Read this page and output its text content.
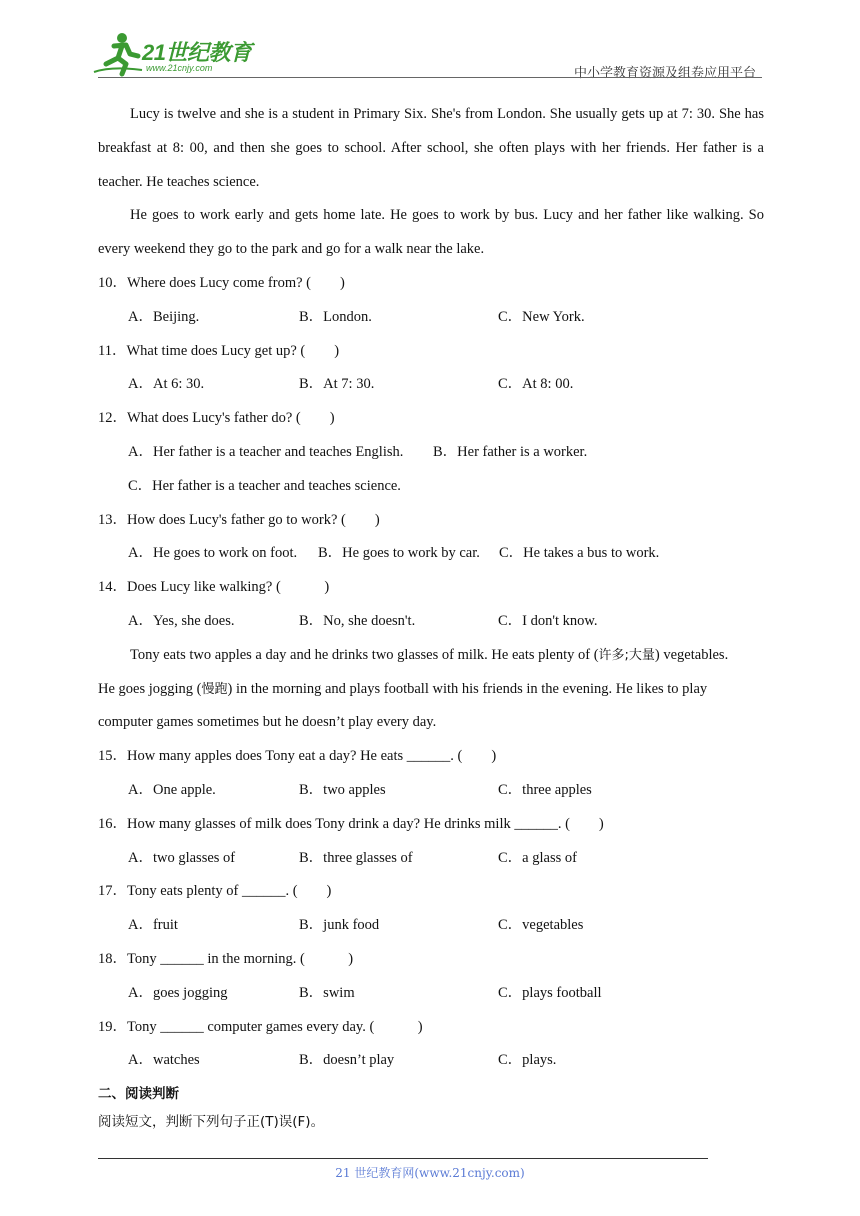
21世纪教育
www.21cnjy.com	中小学教育资源及组卷应用平台

Lucy is twelve and she is a student in Primary Six. She's from London. She usually gets up at 7: 30. She has breakfast at 8: 00, and then she goes to school. After school, she often plays with her friends. Her father is a teacher. He teaches science.

He goes to work early and gets home late. He goes to work by bus. Lucy and her father like walking. So every weekend they go to the park and go for a walk near the lake.

10．Where does Lucy come from? (　　)
A．Beijing.	B．London.	C．New York.
11．What time does Lucy get up? (　　)
A．At 6: 30.	B．At 7: 30.	C．At 8: 00.
12．What does Lucy's father do? (　　)
A．Her father is a teacher and teaches English. B．Her father is a worker.
C．Her father is a teacher and teaches science.
13．How does Lucy's father go to work? (　　)
A．He goes to work on foot. B．He goes to work by car. C．He takes a bus to work.
14．Does Lucy like walking? (　　　)
A．Yes, she does.	B．No, she doesn't.	C．I don't know.
Tony eats two apples a day and he drinks two glasses of milk. He eats plenty of (许多;大量) vegetables.
He goes jogging (慢跑) in the morning and plays football with his friends in the evening. He likes to play
computer games sometimes but he doesn’t play every day.
15．How many apples does Tony eat a day? He eats ______. (　　)
A．One apple.	B．two apples	C．three apples
16．How many glasses of milk does Tony drink a day? He drinks milk ______. (　　)
A．two glasses of	B．three glasses of	C．a glass of
17．Tony eats plenty of ______. (　　)
A．fruit	B．junk food	C．vegetables
18．Tony ______ in the morning. (　　　)
A．goes jogging	B．swim	C．plays football
19．Tony ______ computer games every day. (　　　)
A．watches	B．doesn’t play	C．plays.
二、阅读判断
阅读短文，判断下列句子正(T)误(F)。
21 世纪教育网(www.21cnjy.com)
